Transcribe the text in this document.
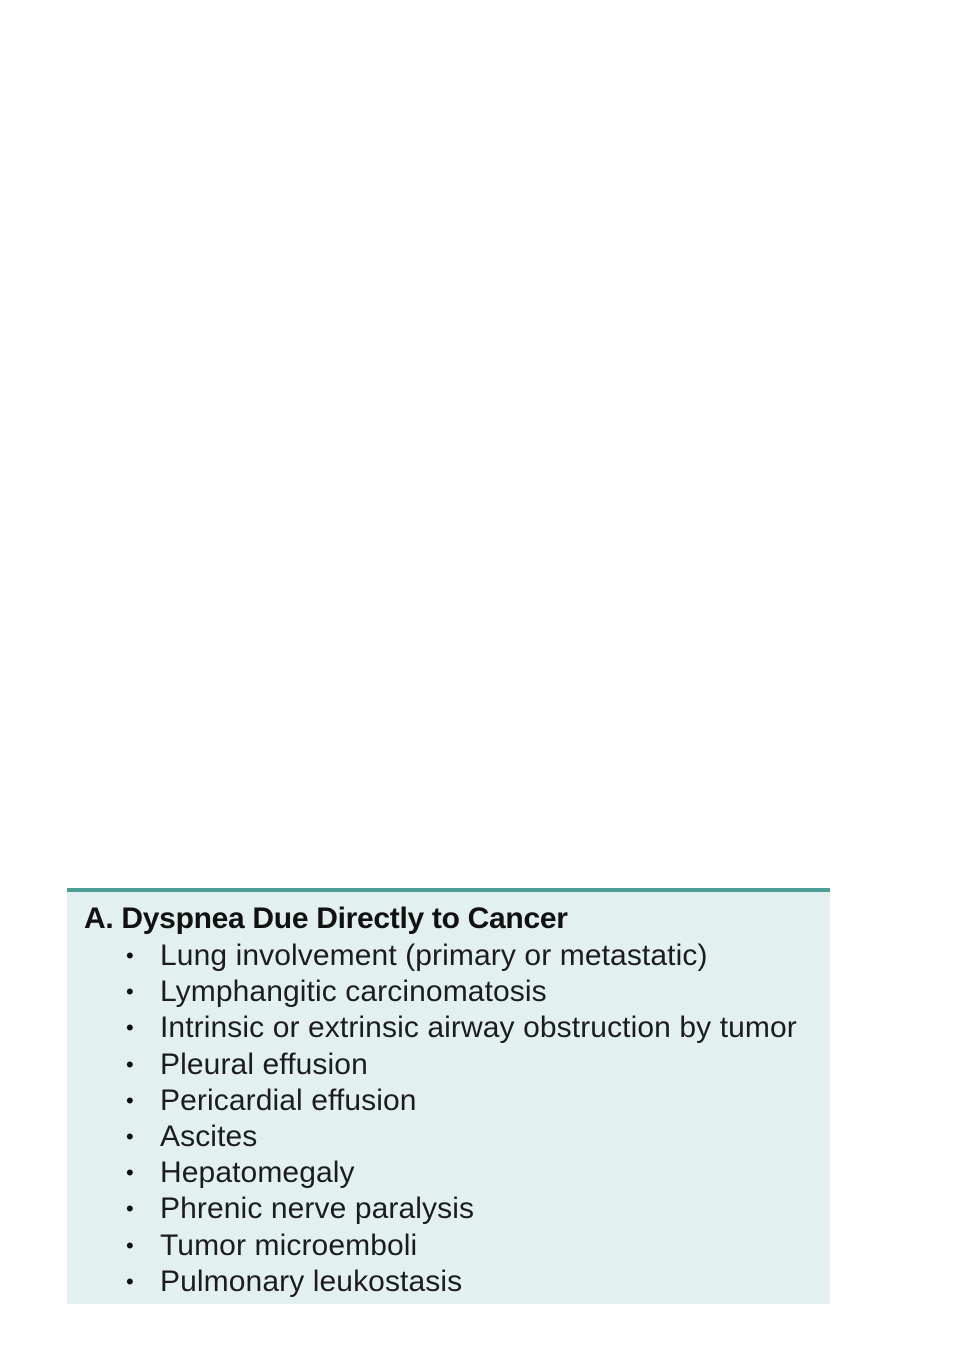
A. Dyspnea Due Directly to Cancer
• Lung involvement (primary or metastatic)
• Lymphangitic carcinomatosis
• Intrinsic or extrinsic airway obstruction by tumor
• Pleural effusion
• Pericardial effusion
• Ascites
• Hepatomegaly
• Phrenic nerve paralysis
• Tumor microemboli
• Pulmonary leukostasis
